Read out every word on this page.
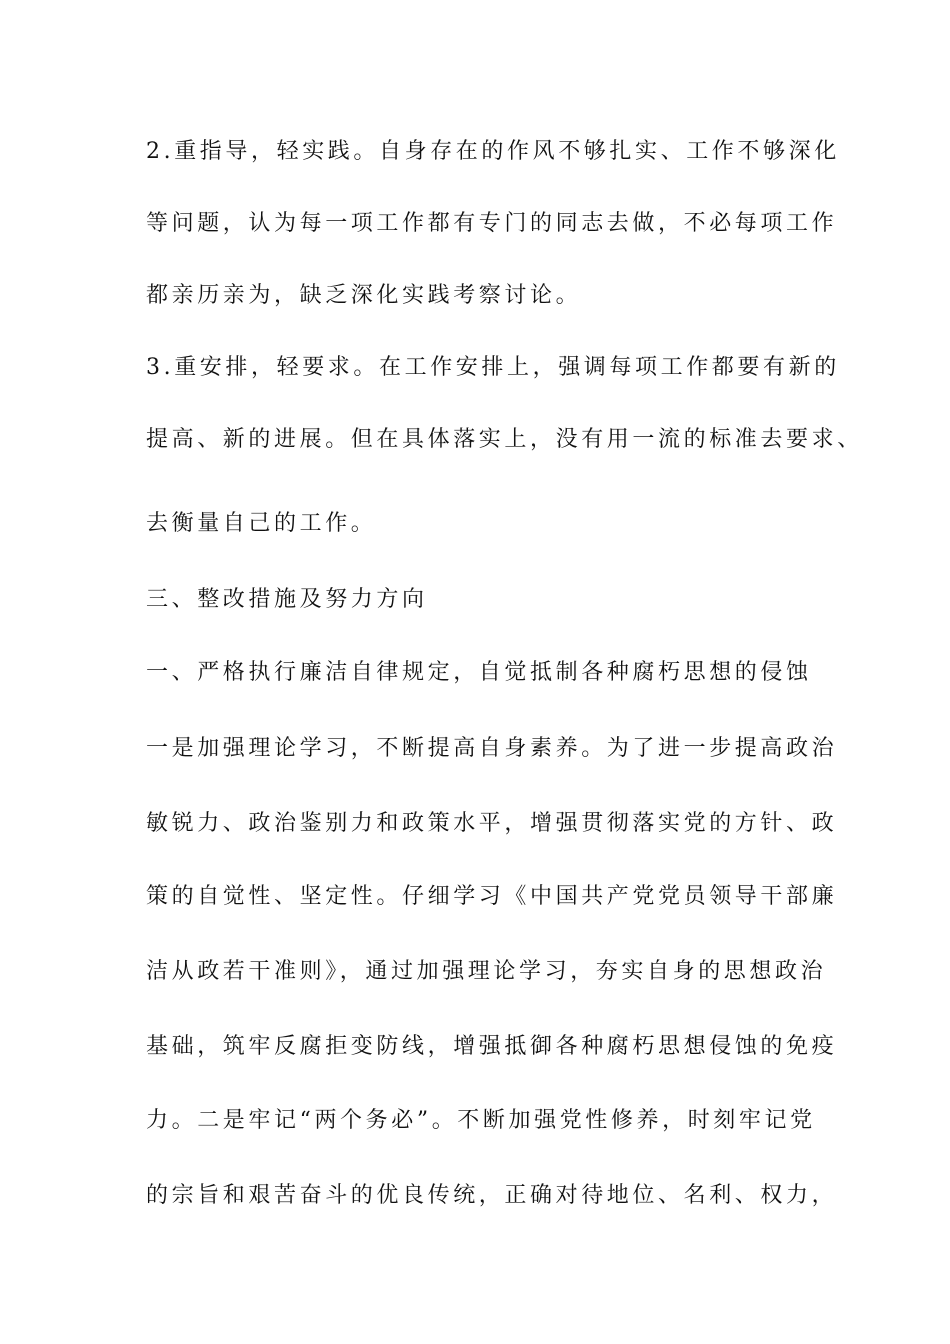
2.重指导，轻实践。自身存在的作风不够扎实、工作不够深化
等问题，认为每一项工作都有专门的同志去做，不必每项工作
都亲历亲为，缺乏深化实践考察讨论。
3.重安排，轻要求。在工作安排上，强调每项工作都要有新的
提高、新的进展。但在具体落实上，没有用一流的标准去要求、
去衡量自己的工作。
三、整改措施及努力方向
一、严格执行廉洁自律规定，自觉抵制各种腐朽思想的侵蚀
一是加强理论学习，不断提高自身素养。为了进一步提高政治
敏锐力、政治鉴别力和政策水平，增强贯彻落实党的方针、政
策的自觉性、坚定性。仔细学习《中国共产党党员领导干部廉
洁从政若干准则》，通过加强理论学习，夯实自身的思想政治
基础，筑牢反腐拒变防线，增强抵御各种腐朽思想侵蚀的免疫
力。二是牢记“两个务必”。不断加强党性修养，时刻牢记党
的宗旨和艰苦奋斗的优良传统，正确对待地位、名利、权力，
